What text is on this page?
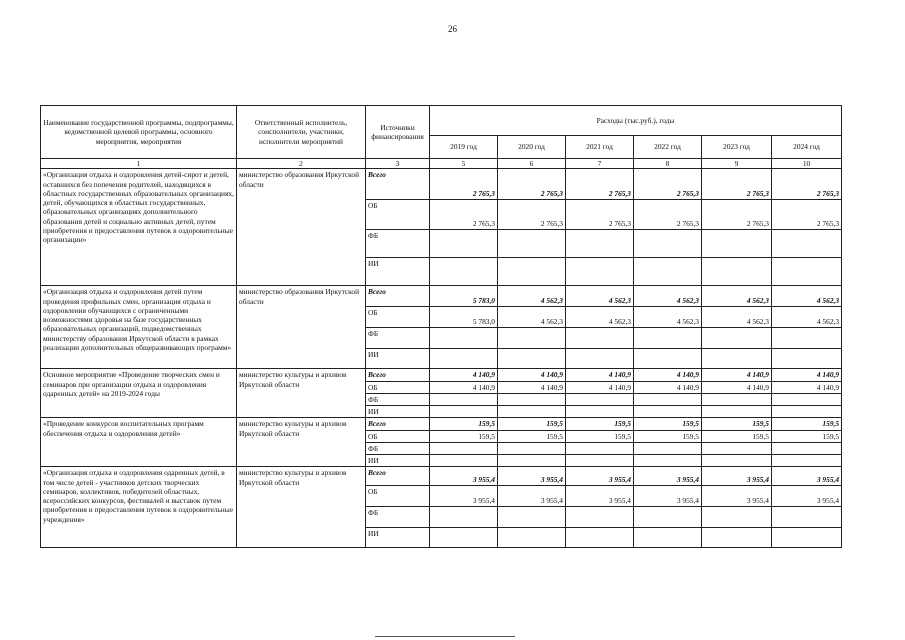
26
Наименование государственной программы, подпрограммы, ведомственной целевой программы, основного мероприятия, мероприятия	Ответственный исполнитель, соисполнители, участники, исполнители мероприятий	Источники финансирования	Расходы (тыс.руб.), годы					
			2019 год	2020 год	2021 год	2022 год	2023 год	2024 год
1	2	3	5	6	7	8	9	10
«Организация отдыха и оздоровления детей-сирот и детей, оставшихся без попечения родителей, находящихся в областных государственных образовательных организациях, детей, обучающихся в областных государственных, образовательных организациях дополнительного образования детей и социально активных детей, путем приобретения и предоставления путевок в оздоровительные организации»	министерство образования Иркутской области	Всего	2 765,3	2 765,3	2 765,3	2 765,3	2 765,3	2 765,3
		ОБ	2 765,3	2 765,3	2 765,3	2 765,3	2 765,3	2 765,3
		ФБ						
		ИИ						
«Организация отдыха и оздоровления детей путем проведения профильных смен, организация отдыха и оздоровления обучающихся с ограниченными возможностями здоровья на базе государственных образовательных организаций, подведомственных министерству образования Иркутской области в рамках реализации дополнительных общеразвивающих программ»	министерство образования Иркутской области	Всего	5 783,0	4 562,3	4 562,3	4 562,3	4 562,3	4 562,3
		ОБ	5 783,0	4 562,3	4 562,3	4 562,3	4 562,3	4 562,3
		ФБ						
		ИИ						
Основное мероприятие «Проведение творческих смен и семинаров при организации отдыха и оздоровления одаренных детей» на 2019-2024 годы	министерство культуры и архивов Иркутской области	Всего	4 140,9	4 140,9	4 140,9	4 140,9	4 140,9	4 140,9
		ОБ	4 140,9	4 140,9	4 140,9	4 140,9	4 140,9	4 140,9
		ФБ						
		ИИ						
«Проведение конкурсов воспитательных программ обеспечения отдыха и оздоровления детей»	министерство культуры и архивов Иркутской области	Всего	159,5	159,5	159,5	159,5	159,5	159,5
		ОБ	159,5	159,5	159,5	159,5	159,5	159,5
		ФБ						
		ИИ						
«Организация отдыха и оздоровления одаренных детей, в том числе детей - участников детских творческих семинаров, коллективов, победителей областных, всероссийских конкурсов, фестивалей и выставок путем приобретения и предоставления путевок в оздоровительные учреждения»	министерство культуры и архивов Иркутской области	Всего	3 955,4	3 955,4	3 955,4	3 955,4	3 955,4	3 955,4
		ОБ	3 955,4	3 955,4	3 955,4	3 955,4	3 955,4	3 955,4
		ФБ						
		ИИ						
